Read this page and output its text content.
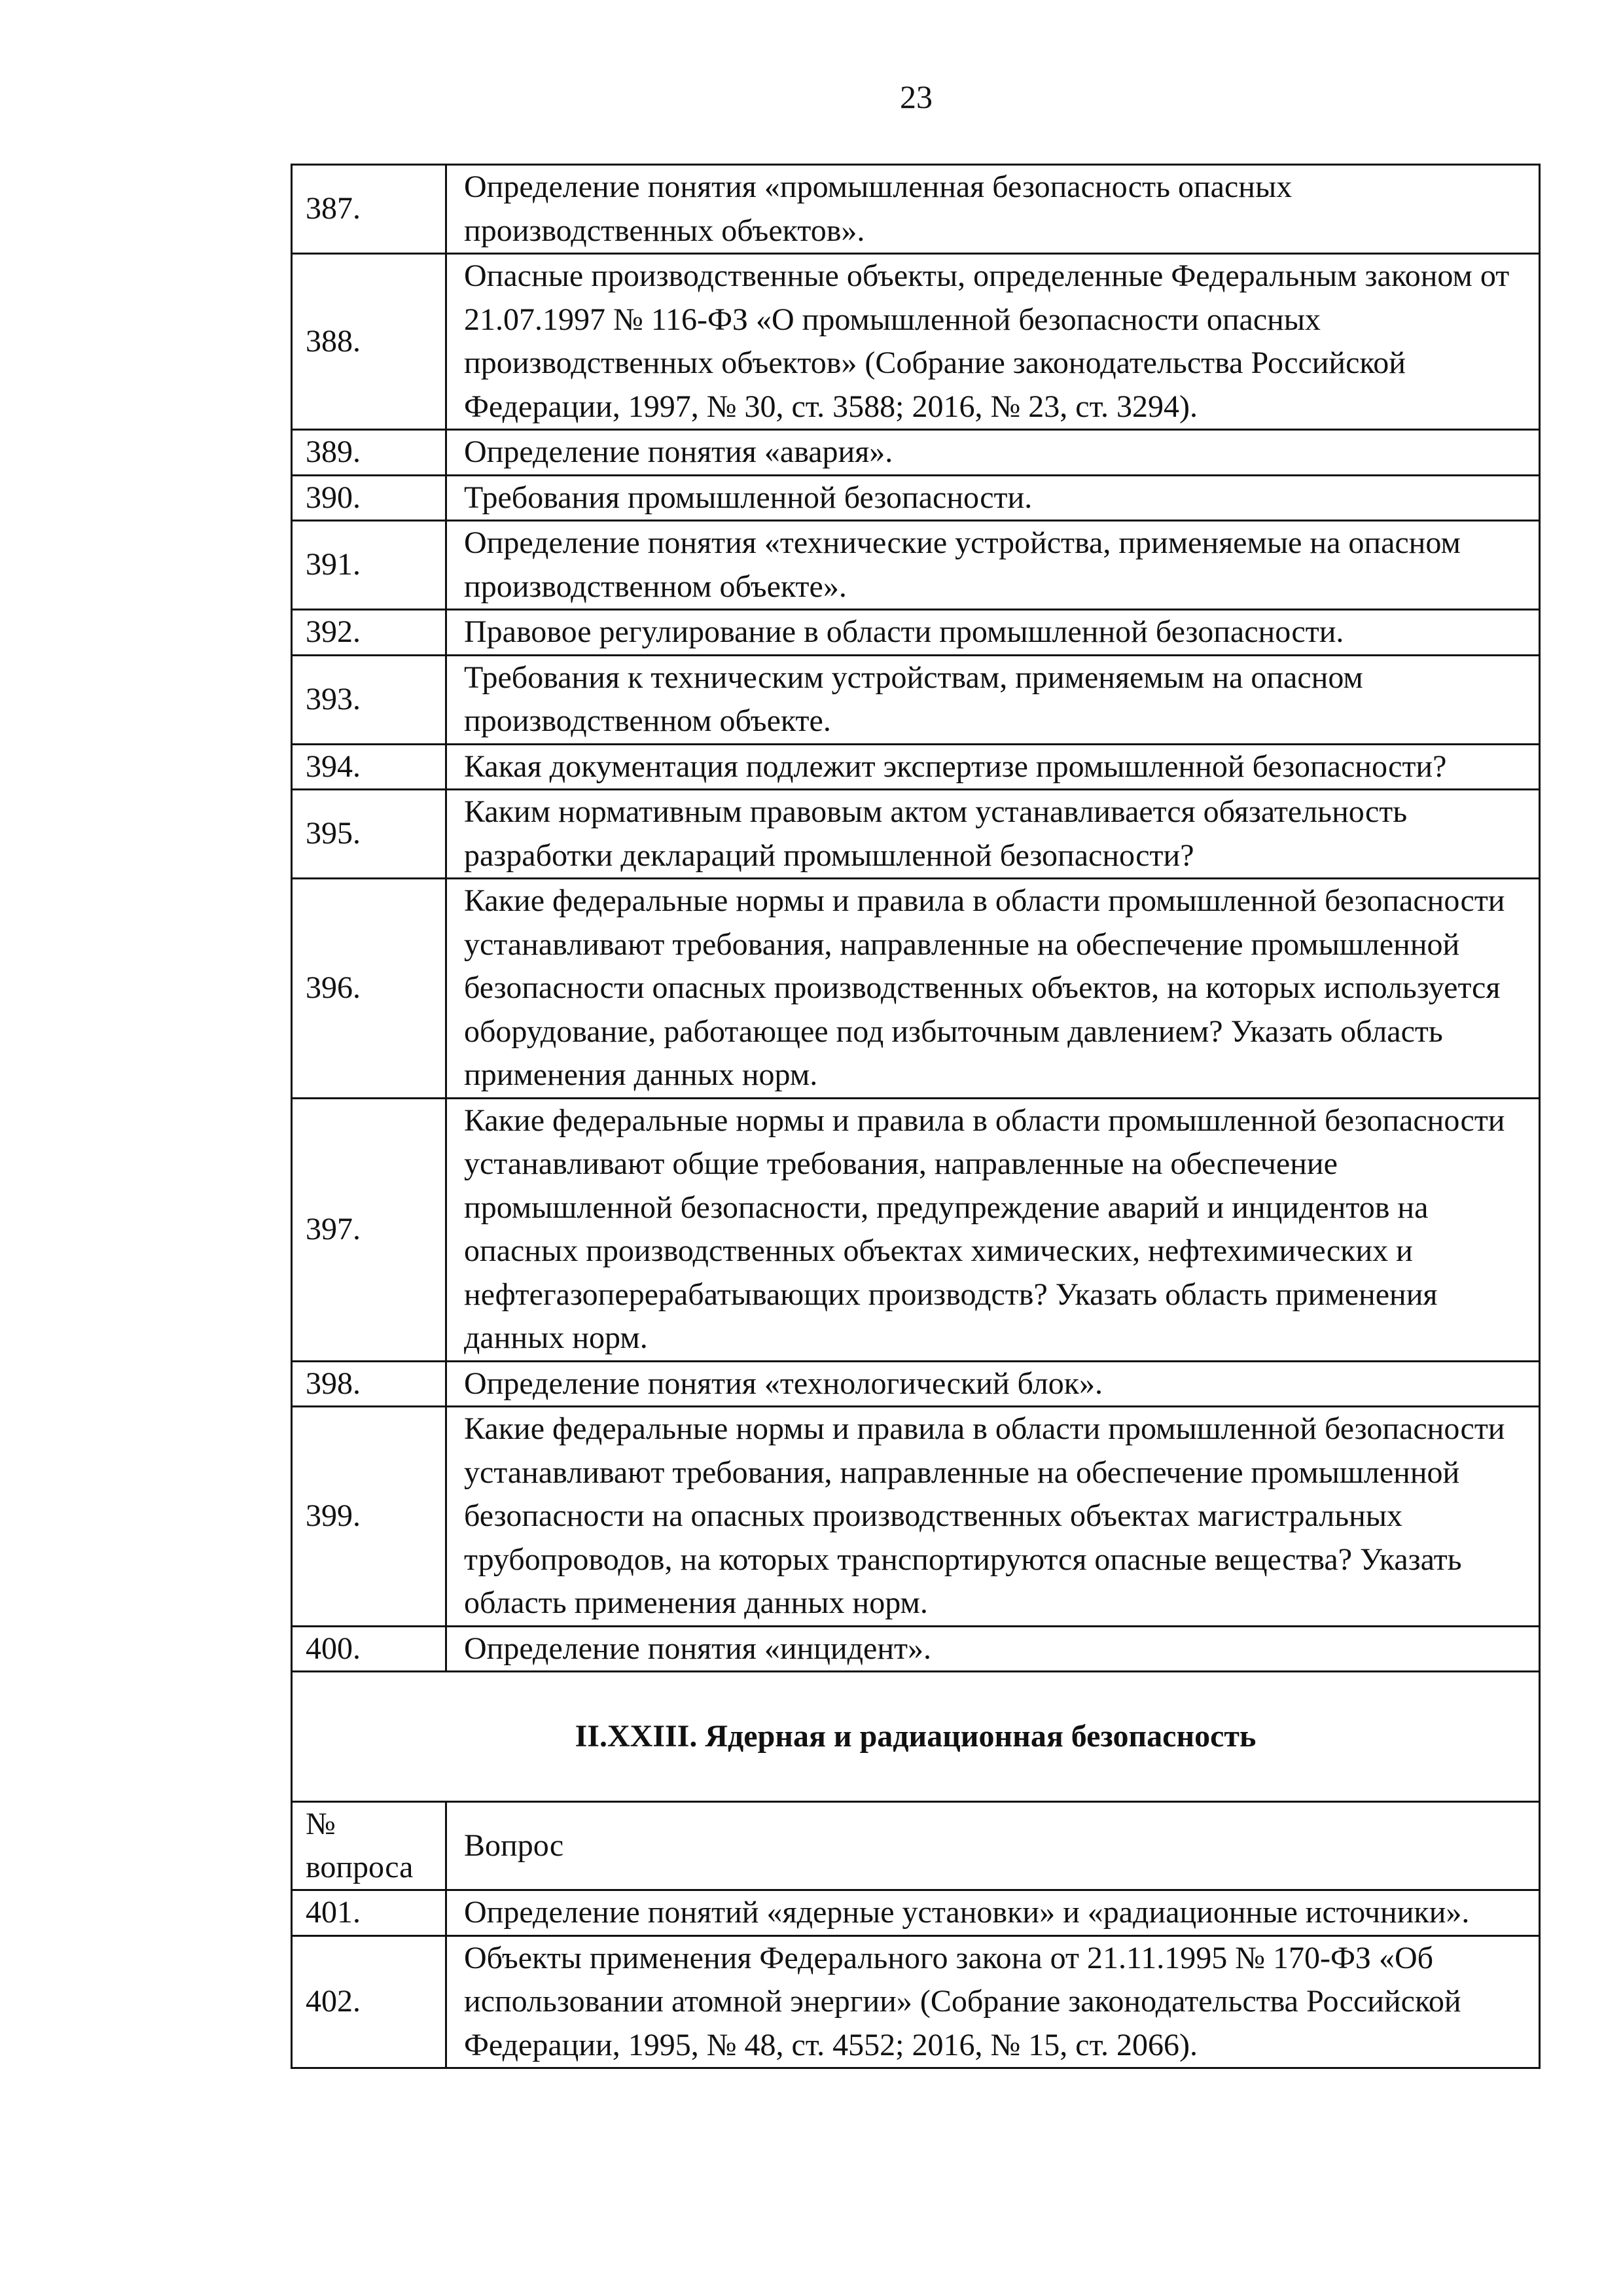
23
387.	Определение понятия «промышленная безопасность опасных производственных объектов».
388.	Опасные производственные объекты, определенные Федеральным законом от 21.07.1997 № 116-ФЗ «О промышленной безопасности опасных производственных объектов» (Собрание законодательства Российской Федерации, 1997, № 30, ст. 3588; 2016, № 23, ст. 3294).
389.	Определение понятия «авария».
390.	Требования промышленной безопасности.
391.	Определение понятия «технические устройства, применяемые на опасном производственном объекте».
392.	Правовое регулирование в области промышленной безопасности.
393.	Требования к техническим устройствам, применяемым на опасном производственном объекте.
394.	Какая документация подлежит экспертизе промышленной безопасности?
395.	Каким нормативным правовым актом устанавливается обязательность разработки деклараций промышленной безопасности?
396.	Какие федеральные нормы и правила в области промышленной безопасности устанавливают требования, направленные на обеспечение промышленной безопасности опасных производственных объектов, на которых используется оборудование, работающее под избыточным давлением? Указать область применения данных норм.
397.	Какие федеральные нормы и правила в области промышленной безопасности устанавливают общие требования, направленные на обеспечение промышленной безопасности, предупреждение аварий и инцидентов на опасных производственных объектах химических, нефтехимических и нефтегазоперерабатывающих производств? Указать область применения данных норм.
398.	Определение понятия «технологический блок».
399.	Какие федеральные нормы и правила в области промышленной безопасности устанавливают требования, направленные на обеспечение промышленной безопасности на опасных производственных объектах магистральных трубопроводов, на которых транспортируются опасные вещества? Указать область применения данных норм.
400.	Определение понятия «инцидент».
II.XXIII. Ядерная и радиационная безопасность	
№
вопроса	Вопрос
401.	Определение понятий «ядерные установки» и «радиационные источники».
402.	Объекты применения Федерального закона от 21.11.1995 № 170-ФЗ «Об использовании атомной энергии» (Собрание законодательства Российской Федерации, 1995, № 48, ст. 4552; 2016, № 15, ст. 2066).
